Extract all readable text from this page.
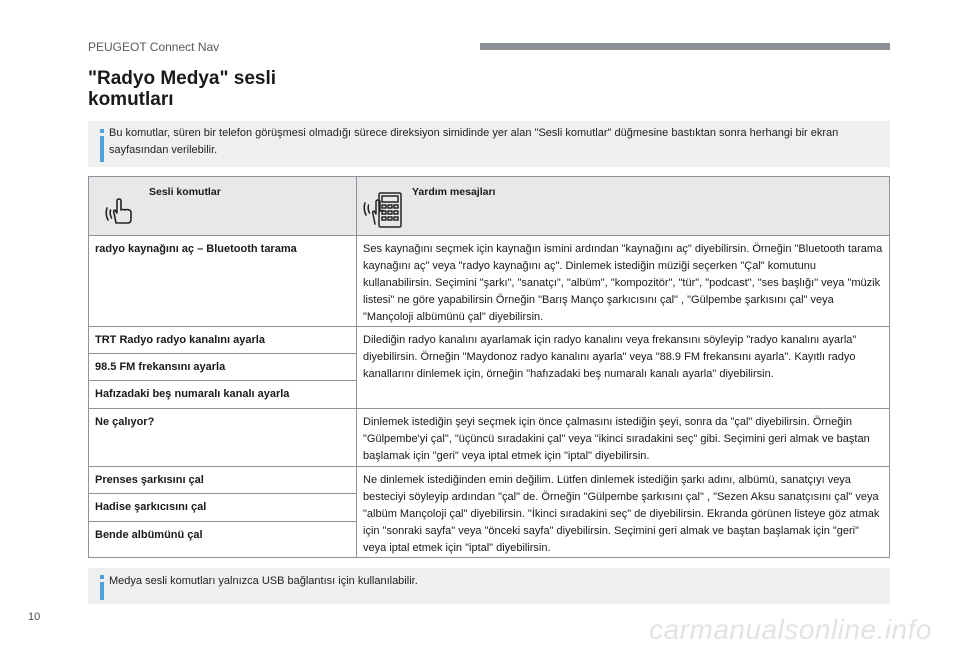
PEUGEOT Connect Nav
"Radyo Medya" sesli
komutları
Bu komutlar, süren bir telefon görüşmesi olmadığı sürece direksiyon simidinde yer alan "Sesli komutlar" düğmesine bastıktan sonra herhangi bir ekran sayfasından verilebilir.
Sesli komutlar	Yardım mesajları

radyo kaynağını aç – Bluetooth tarama	Ses kaynağını seçmek için kaynağın ismini ardından "kaynağını aç" diyebilirsin. Örneğin "Bluetooth tarama kaynağını aç" veya "radyo kaynağını aç". Dinlemek istediğin müziği seçerken "Çal" komutunu kullanabilirsin. Seçimini "şarkı", "sanatçı", "albüm", "kompozitör", "tür", "podcast", "ses başlığı" veya "müzik listesi" ne göre yapabilirsin Örneğin "Barış Manço şarkıcısını çal" , "Gülpembe şarkısını çal" veya "Mançoloji albümünü çal" diyebilirsin.
TRT Radyo radyo kanalını ayarla	Dilediğin radyo kanalını ayarlamak için radyo kanalını veya frekansını söyleyip "radyo kanalını ayarla" diyebilirsin. Örneğin "Maydonoz radyo kanalını ayarla" veya "88.9 FM frekansını ayarla". Kayıtlı radyo kanallarını dinlemek için, örneğin "hafızadaki beş numaralı kanalı ayarla" diyebilirsin.
98.5 FM frekansını ayarla	
Hafızadaki beş numaralı kanalı ayarla	
Ne çalıyor?	Dinlemek istediğin şeyi seçmek için önce çalmasını istediğin şeyi, sonra da "çal" diyebilirsin. Örneğin "Gülpembe'yi çal", "üçüncü sıradakini çal" veya "ikinci sıradakini seç" gibi. Seçimini geri almak ve baştan başlamak için "geri" veya iptal etmek için "iptal" diyebilirsin.
Prenses şarkısını çal	Ne dinlemek istediğinden emin değilim. Lütfen dinlemek istediğin şarkı adını, albümü, sanatçıyı veya besteciyi söyleyip ardından "çal" de. Örneğin "Gülpembe şarkısını çal" , "Sezen Aksu sanatçısını çal" veya "albüm Mançoloji çal" diyebilirsin. "İkinci sıradakini seç" de diyebilirsin. Ekranda görünen listeye göz atmak için "sonraki sayfa" veya "önceki sayfa" diyebilirsin. Seçimini geri almak ve baştan başlamak için "geri" veya iptal etmek için "iptal" diyebilirsin.
Hadise şarkıcısını çal	
Bende albümünü çal	
Medya sesli komutları yalnızca USB bağlantısı için kullanılabilir.
10	carmanualsonline.info
